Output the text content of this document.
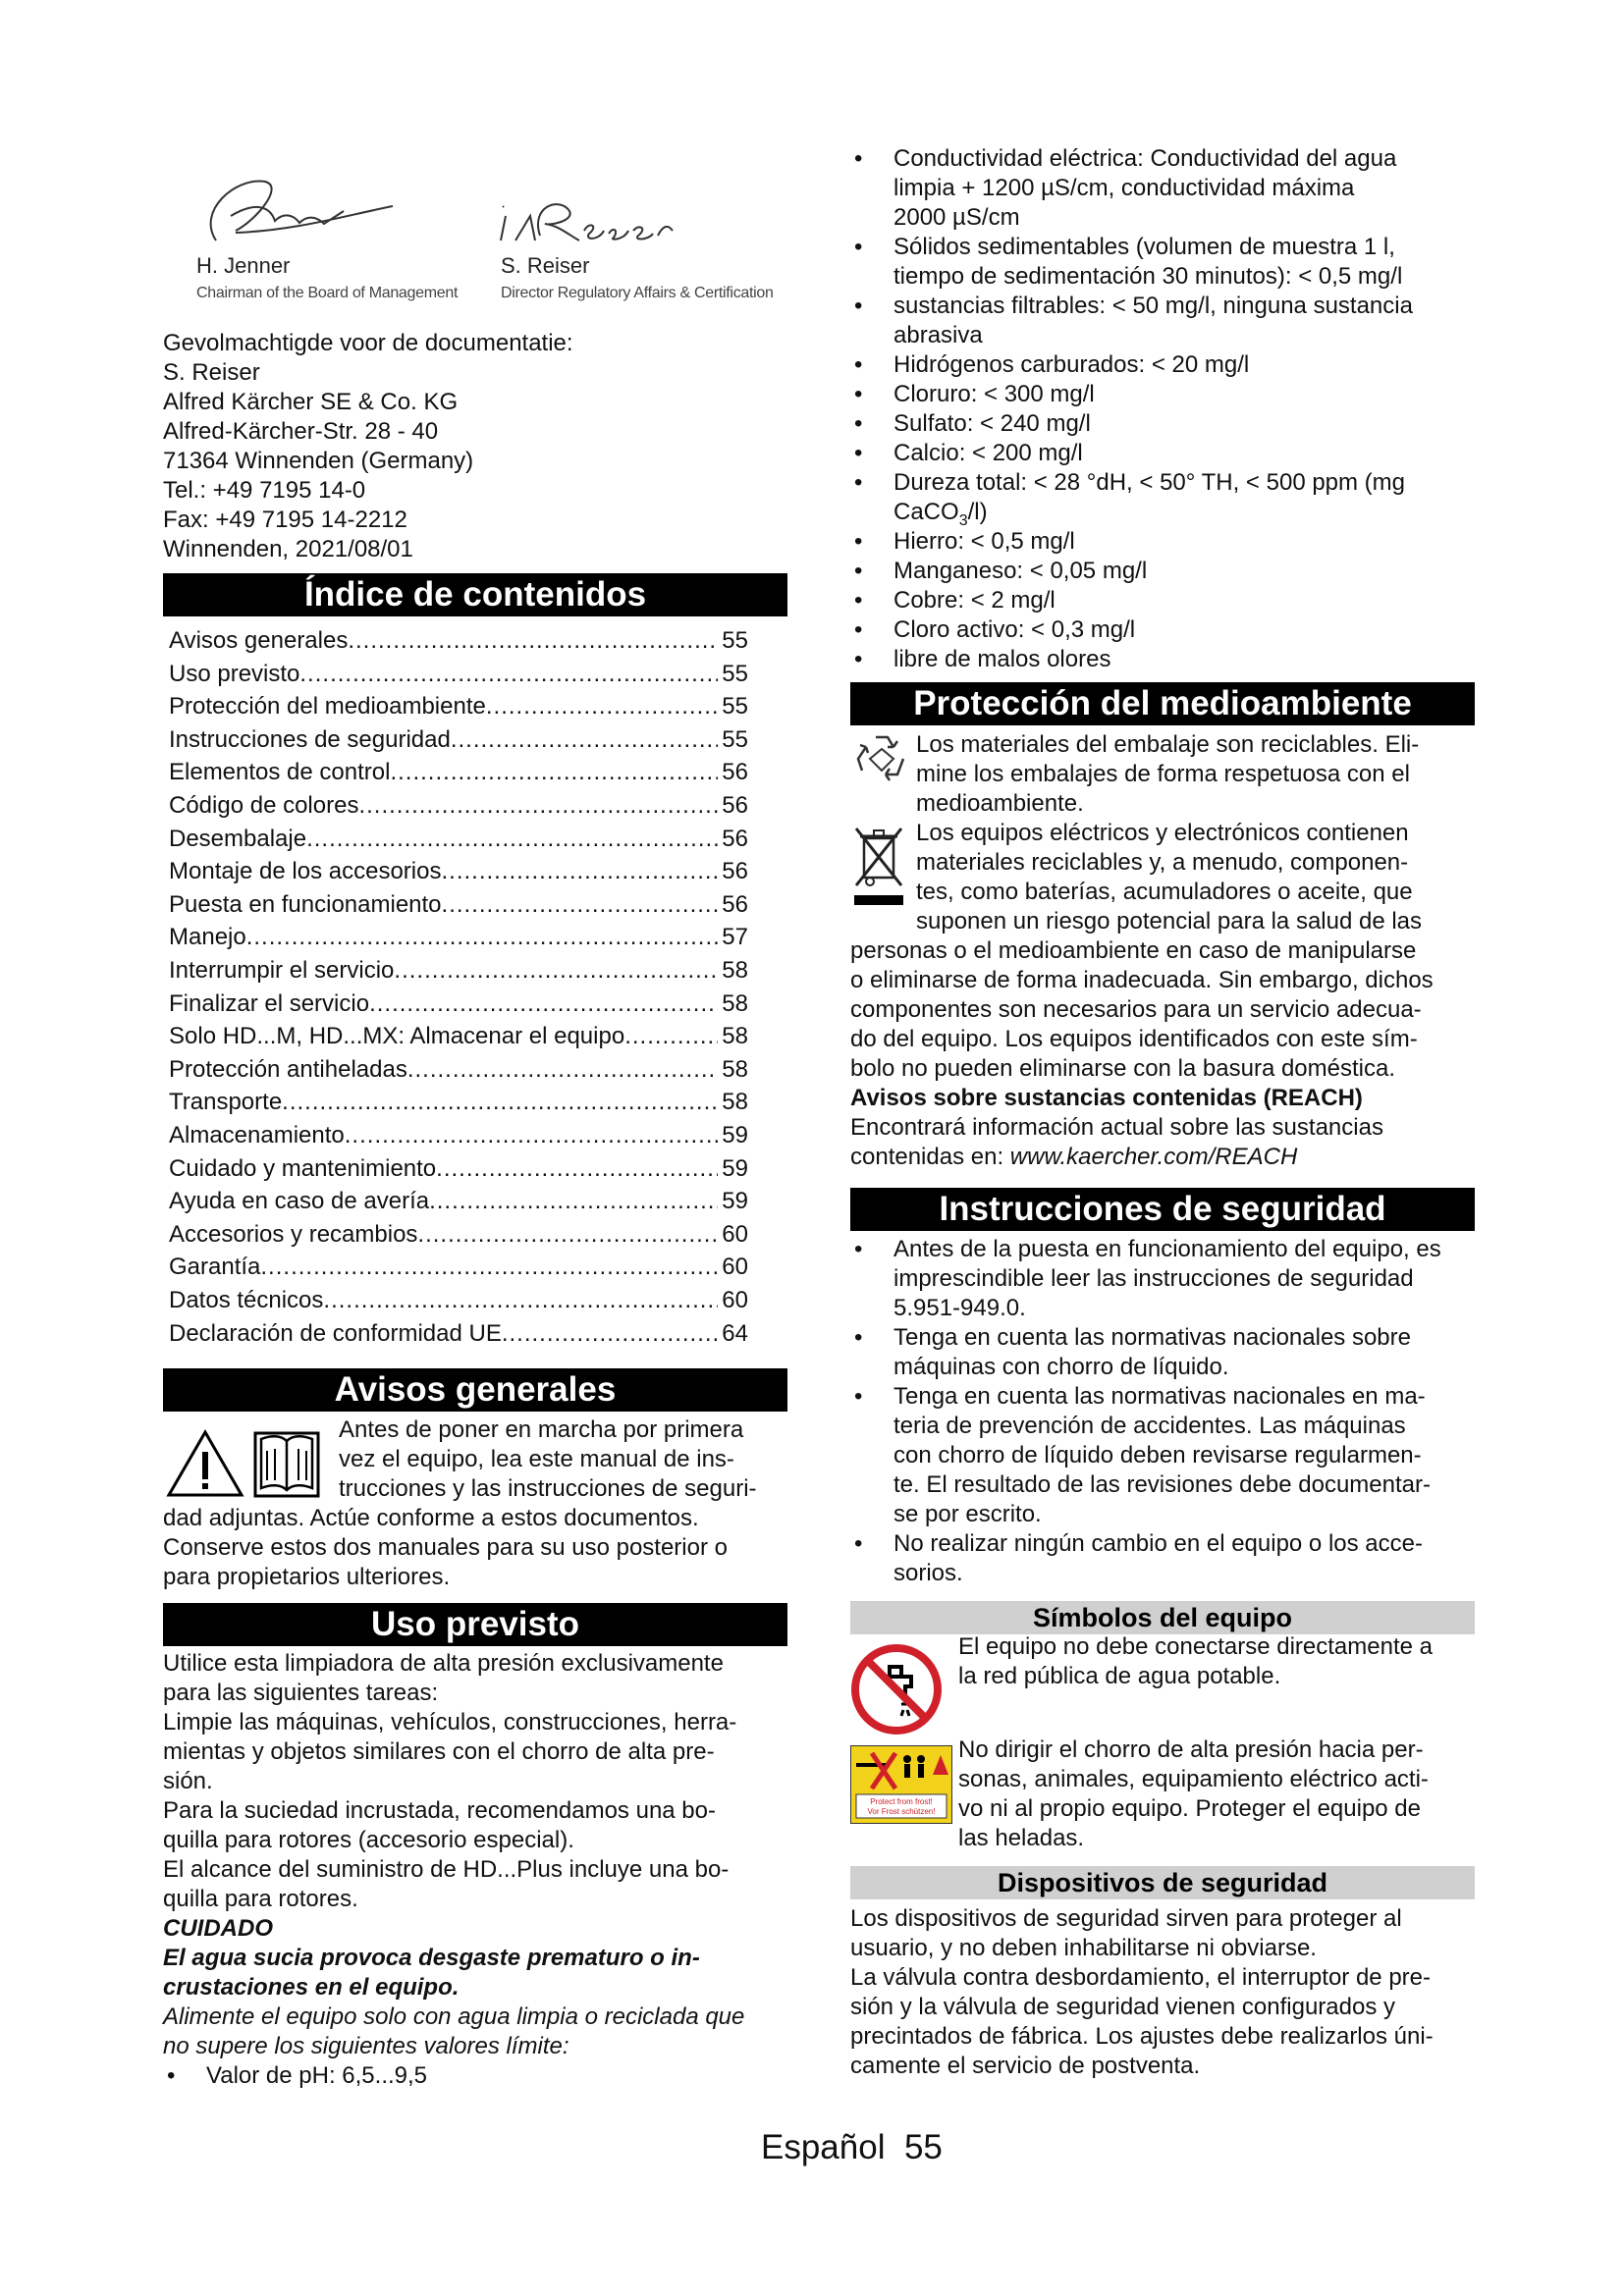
H. Jenner
Chairman of the Board of Management
S. Reiser
Director Regulatory Affairs & Certification
Gevolmachtigde voor de documentatie:
S. Reiser
Alfred Kärcher SE & Co. KG
Alfred-Kärcher-Str. 28 - 40
71364 Winnenden (Germany)
Tel.: +49 7195 14-0
Fax: +49 7195 14-2212
Winnenden, 2021/08/01
Índice de contenidos
Avisos generales .....	55
Uso previsto .....	55
Protección del medioambiente .....	55
Instrucciones de seguridad .....	55
Elementos de control .....	56
Código de colores .....	56
Desembalaje .....	56
Montaje de los accesorios .....	56
Puesta en funcionamiento .....	56
Manejo .....	57
Interrumpir el servicio .....	58
Finalizar el servicio .....	58
Solo HD...M, HD...MX: Almacenar el equipo .....	58
Protección antiheladas .....	58
Transporte .....	58
Almacenamiento .....	59
Cuidado y mantenimiento .....	59
Ayuda en caso de avería .....	59
Accesorios y recambios .....	60
Garantía .....	60
Datos técnicos .....	60
Declaración de conformidad UE .....	64
Avisos generales
Antes de poner en marcha por primera
vez el equipo, lea este manual de ins-
trucciones y las instrucciones de seguri-
dad adjuntas. Actúe conforme a estos documentos.
Conserve estos dos manuales para su uso posterior o
para propietarios ulteriores.
Uso previsto
Utilice esta limpiadora de alta presión exclusivamente
para las siguientes tareas:
Limpie las máquinas, vehículos, construcciones, herra-
mientas y objetos similares con el chorro de alta pre-
sión.
Para la suciedad incrustada, recomendamos una bo-
quilla para rotores (accesorio especial).
El alcance del suministro de HD...Plus incluye una bo-
quilla para rotores.
CUIDADO
El agua sucia provoca desgaste prematuro o in-
crustaciones en el equipo.
Alimente el equipo solo con agua limpia o reciclada que
no supere los siguientes valores límite:
• Valor de pH: 6,5...9,5
• Conductividad eléctrica: Conductividad del agua
limpia + 1200 µS/cm, conductividad máxima
2000 µS/cm
• Sólidos sedimentables (volumen de muestra 1 l,
tiempo de sedimentación 30 minutos): < 0,5 mg/l
• sustancias filtrables: < 50 mg/l, ninguna sustancia
abrasiva
• Hidrógenos carburados: < 20 mg/l
• Cloruro: < 300 mg/l
• Sulfato: < 240 mg/l
• Calcio: < 200 mg/l
• Dureza total: < 28 °dH, < 50° TH, < 500 ppm (mg
CaCO$_3$/l)
• Hierro: < 0,5 mg/l
• Manganeso: < 0,05 mg/l
• Cobre: < 2 mg/l
• Cloro activo: < 0,3 mg/l
• libre de malos olores
Protección del medioambiente
Los materiales del embalaje son reciclables. Eli-
mine los embalajes de forma respetuosa con el
medioambiente.
Los equipos eléctricos y electrónicos contienen
materiales reciclables y, a menudo, componen-
tes, como baterías, acumuladores o aceite, que
suponen un riesgo potencial para la salud de las
personas o el medioambiente en caso de manipularse
o eliminarse de forma inadecuada. Sin embargo, dichos
componentes son necesarios para un servicio adecua-
do del equipo. Los equipos identificados con este sím-
bolo no pueden eliminarse con la basura doméstica.
Avisos sobre sustancias contenidas (REACH)
Encontrará información actual sobre las sustancias
contenidas en: www.kaercher.com/REACH
Instrucciones de seguridad
• Antes de la puesta en funcionamiento del equipo, es
imprescindible leer las instrucciones de seguridad
5.951-949.0.
• Tenga en cuenta las normativas nacionales sobre
máquinas con chorro de líquido.
• Tenga en cuenta las normativas nacionales en ma-
teria de prevención de accidentes. Las máquinas
con chorro de líquido deben revisarse regularmen-
te. El resultado de las revisiones debe documentar-
se por escrito.
• No realizar ningún cambio en el equipo o los acce-
sorios.
Símbolos del equipo
El equipo no debe conectarse directamente a
la red pública de agua potable.
Protect from frost!
Vor Frost schützen!
No dirigir el chorro de alta presión hacia per-
sonas, animales, equipamiento eléctrico acti-
vo ni al propio equipo. Proteger el equipo de
las heladas.
Dispositivos de seguridad
Los dispositivos de seguridad sirven para proteger al
usuario, y no deben inhabilitarse ni obviarse.
La válvula contra desbordamiento, el interruptor de pre-
sión y la válvula de seguridad vienen configurados y
precintados de fábrica. Los ajustes debe realizarlos úni-
camente el servicio de postventa.
Español 55
